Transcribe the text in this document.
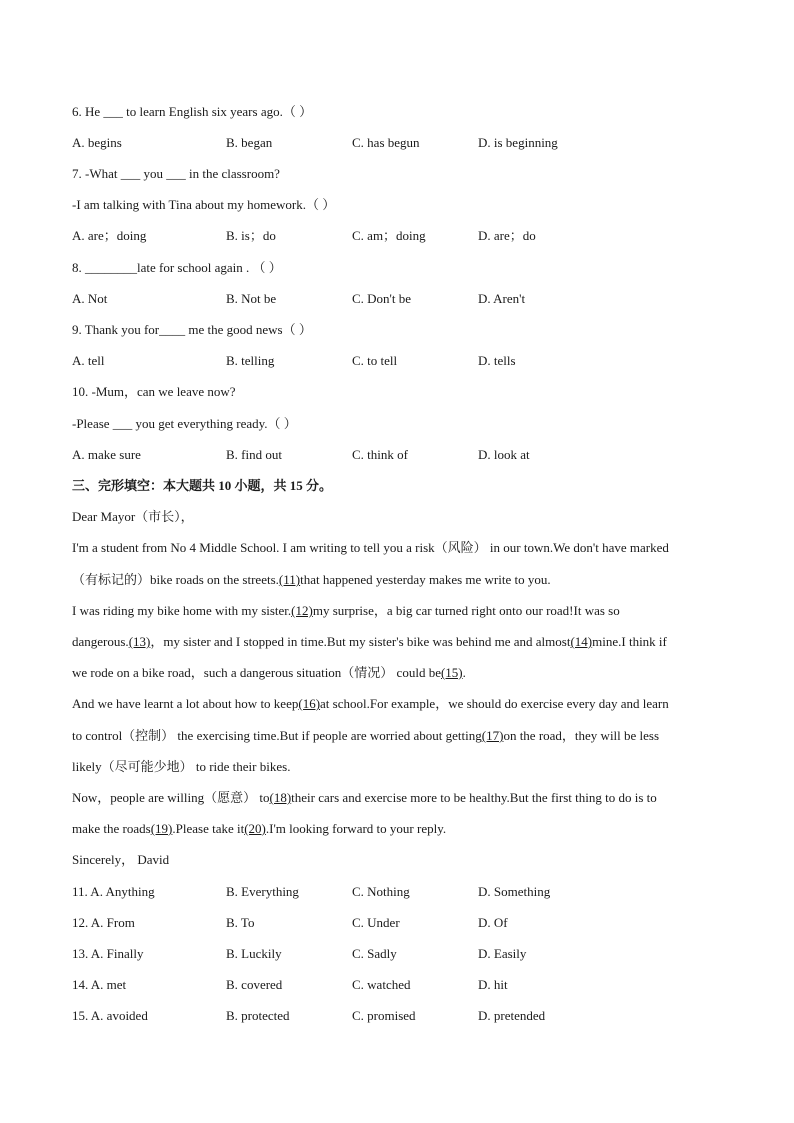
6. He ___ to learn English six years ago.（ ）
A. begins	B. began	C. has begun	D. is beginning
7. -What ___ you ___ in the classroom?
-I am talking with Tina about my homework.（ ）
A. are；doing	B. is；do	C. am；doing	D. are；do
8. ________late for school again . （ ）
A. Not	B. Not be	C. Don't be	D. Aren't
9. Thank you for____ me the good news（ ）
A. tell	B. telling	C. to tell	D. tells
10. -Mum，can we leave now?
-Please ___ you get everything ready.（ ）
A. make sure	B. find out	C. think of	D. look at
三、完形填空：本大题共 10 小题，共 15 分。
Dear Mayor（市长），
I'm a student from No 4 Middle School. I am writing to tell you a risk（风险） in our town.We don't have marked
（有标记的）bike roads on the streets.(11)that happened yesterday makes me write to you.
I was riding my bike home with my sister.(12)my surprise，a big car turned right onto our road!It was so
dangerous.(13)，my sister and I stopped in time.But my sister's bike was behind me and almost(14)mine.I think if
we rode on a bike road，such a dangerous situation（情况） could be(15).
And we have learnt a lot about how to keep(16)at school.For example，we should do exercise every day and learn
to control（控制） the exercising time.But if people are worried about getting(17)on the road，they will be less
likely（尽可能少地） to ride their bikes.
Now，people are willing（愿意） to(18)their cars and exercise more to be healthy.But the first thing to do is to
make the roads(19).Please take it(20).I'm looking forward to your reply.
Sincerely， David
11. A. Anything	B. Everything	C. Nothing	D. Something
12. A. From	B. To	C. Under	D. Of
13. A. Finally	B. Luckily	C. Sadly	D. Easily
14. A. met	B. covered	C. watched	D. hit
15. A. avoided	B. protected	C. promised	D. pretended
